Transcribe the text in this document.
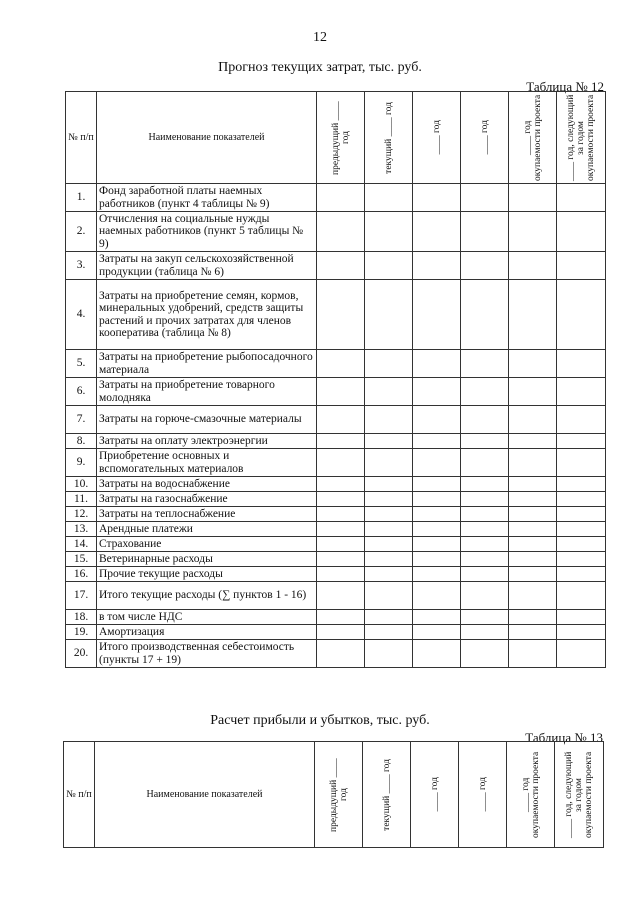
12
Прогноз текущих затрат, тыс. руб.
Таблица № 12
№ п/п	Наименование показателей	предыдущий ____ год	текущий ____ год	____ год	____ год	____ год окупаемости проекта	____ год, следующий за годом окупаемости проекта

1.	Фонд заработной платы наемных работников (пункт 4 таблицы № 9)						
2.	Отчисления на социальные нужды наемных работников (пункт 5 таблицы № 9)						
3.	Затраты на закуп сельскохозяйственной продукции (таблица № 6)						
4.	Затраты на приобретение семян, кормов, минеральных удобрений, средств защиты растений и прочих затратах для членов кооператива (таблица № 8)						
5.	Затраты на приобретение рыбопосадочного материала						
6.	Затраты на приобретение товарного молодняка						
7.	Затраты на горюче-смазочные материалы						
8.	Затраты на оплату электроэнергии						
9.	Приобретение основных и вспомогательных материалов						
10.	Затраты на водоснабжение						
11.	Затраты на газоснабжение						
12.	Затраты на теплоснабжение						
13.	Арендные платежи						
14.	Страхование						
15.	Ветеринарные расходы						
16.	Прочие текущие расходы						
17.	Итого текущие расходы (∑ пунктов 1 - 16)						
18.	в том числе НДС						
19.	Амортизация						
20.	Итого производственная себестоимость (пункты 17 + 19)						
Расчет прибыли и убытков, тыс. руб.
Таблица № 13
№ п/п	Наименование показателей	предыдущий ____ год	текущий ____ год	____ год	____ год	____ год окупаемости проекта	____ год, следующий за годом окупаемости проекта
